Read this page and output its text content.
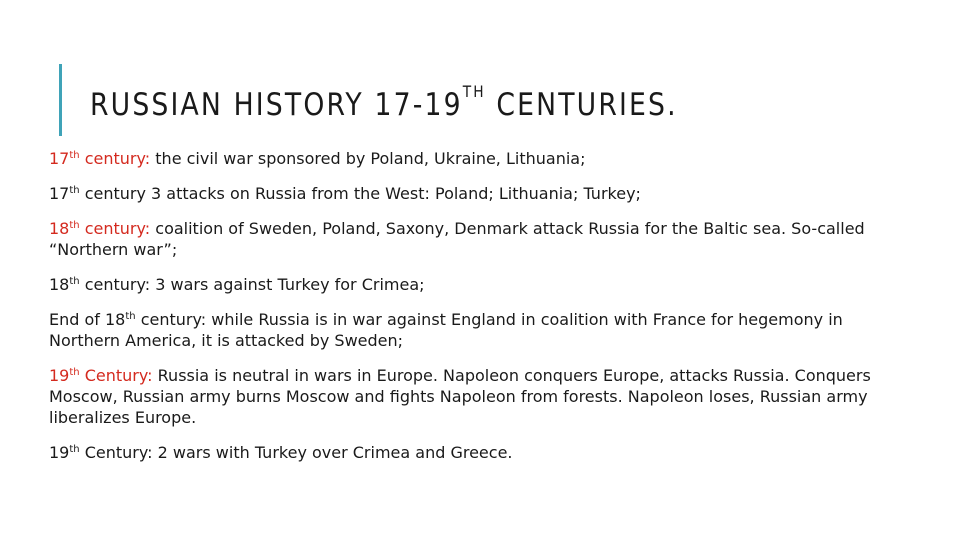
RUSSIAN HISTORY 17-19TH CENTURIES.
17th century: the civil war sponsored by Poland, Ukraine, Lithuania;
17th century 3 attacks on Russia from the West: Poland; Lithuania; Turkey;
18th century: coalition of Sweden, Poland, Saxony, Denmark attack Russia for the Baltic sea. So-called “Northern war”;
18th century: 3 wars against Turkey for Crimea;
End of 18th century: while Russia is in war against England in coalition with France for hegemony in Northern America, it is attacked by Sweden;
19th Century: Russia is neutral in wars in Europe. Napoleon conquers Europe, attacks Russia. Conquers Moscow, Russian army burns Moscow and fights Napoleon from forests. Napoleon loses, Russian army liberalizes Europe.
19th Century: 2 wars with Turkey over Crimea and Greece.
